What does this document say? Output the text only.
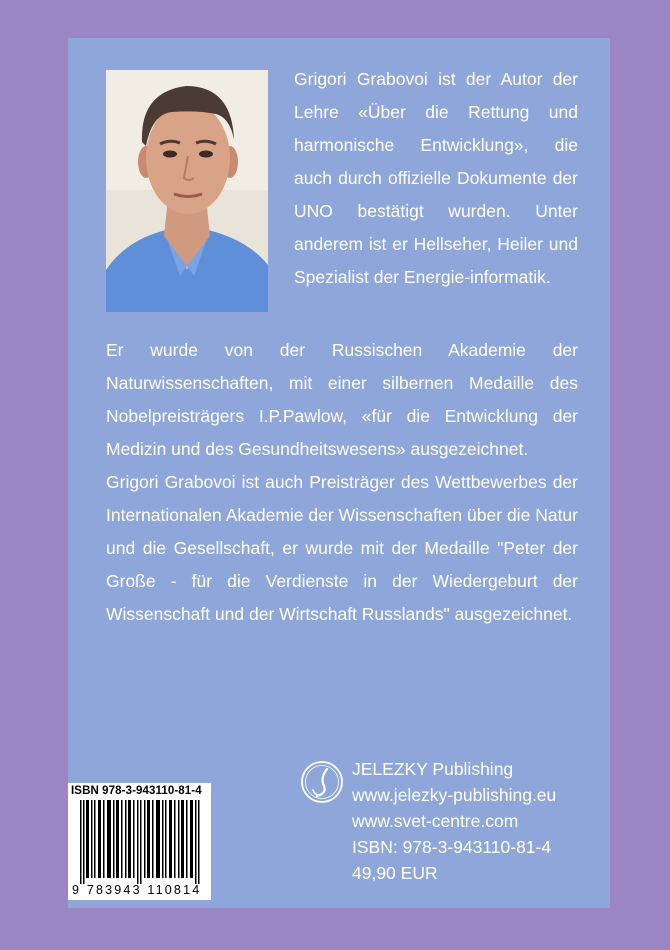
Grigori Grabovoi ist der Autor der Lehre «Über die Rettung und harmonische Entwicklung», die auch durch offizielle Dokumente der UNO bestätigt wurden. Unter anderem ist er Hellseher, Heiler und Spezialist der Energie-informatik.

Er wurde von der Russischen Akademie der Naturwissenschaften, mit einer silbernen Medaille des Nobelpreisträgers I.P.Pawlow, «für die Entwicklung der Medizin und des Gesundheitswesens» ausgezeichnet.

Grigori Grabovoi ist auch Preisträger des Wettbewerbes der Internationalen Akademie der Wissenschaften über die Natur und die Gesellschaft, er wurde mit der Medaille "Peter der Große - für die Verdienste in der Wiedergeburt der Wissenschaft und der Wirtschaft Russlands" ausgezeichnet.

ISBN 978-3-943110-81-4
9 783943 110814
JELEZKY Publishing
www.jelezky-publishing.eu
www.svet-centre.com
ISBN: 978-3-943110-81-4
49,90 EUR
